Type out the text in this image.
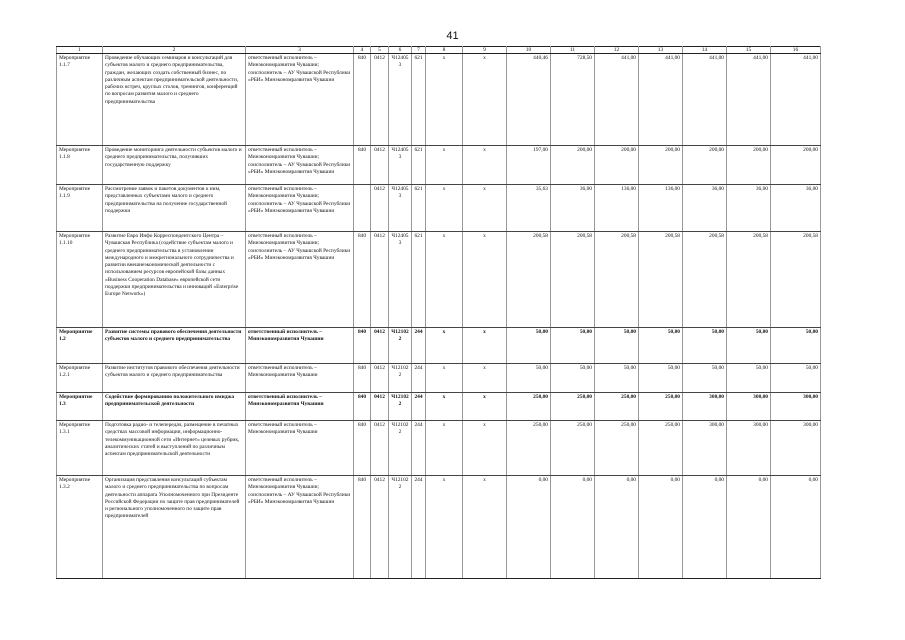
41
1	2	3	4	5	6	7	8	9	10	11	12	13	14	15	16
Мероприятие 1.1.7	Проведение обучающих семинаров и консультаций для субъектов малого и среднего предпринимательства, граждан, желающих создать собственный бизнес, по различным аспектам предпринимательской деятельности, рабочих встреч, круглых столов, тренингов, конференций по вопросам развития малого и среднего предпринимательства	ответственный исполнитель – Минэкономразвития Чувашии; соисполнитель – АУ Чувашской Республики «РБИ» Минэкономразвития Чувашии	840	0412	Ч124053	621	х	х	440,46	728,50	441,00	441,00	441,00	441,00	441,00
Мероприятие 1.1.8	Проведение мониторинга деятельности субъектов малого и среднего предпринимательства, получивших государственную поддержку	ответственный исполнитель – Минэкономразвития Чувашии; соисполнитель – АУ Чувашской Республики «РБИ» Минэкономразвития Чувашии	840	0412	Ч124053	621	х	х	197,00	200,00	200,00	200,00	200,00	200,00	200,00
Мероприятие 1.1.9	Рассмотрение заявок и пакетов документов к ним, представленных субъектами малого и среднего предпринимательства на получение государственной поддержки	ответственный исполнитель – Минэкономразвития Чувашии; соисполнитель – АУ Чувашской Республики «РБИ» Минэкономразвития Чувашии		0412	Ч124053	621	х	х	35,63	36,00	136,00	136,00	36,00	36,00	36,00
Мероприятие 1.1.10	Развитие Евро Инфо Корреспондентского Центра – Чувашская Республика (содействие субъектам малого и среднего предпринимательства в установлении международного и межрегионального сотрудничества и развитии внешнеэкономической деятельности с использованием ресурсов европейской базы данных «Business Cooperation Database» европейской сети поддержки предпринимательства и инноваций «Enterprise Europe Network»)	ответственный исполнитель – Минэкономразвития Чувашии; соисполнитель – АУ Чувашской Республики «РБИ» Минэкономразвития Чувашии	840	0412	Ч124053	621	х	х	200,58	200,58	200,58	200,58	200,58	200,58	200,58
Мероприятие 1.2	Развитие системы правового обеспечения деятельности субъектов малого и среднего предпринимательства	ответственный исполнитель – Минэкономразвития Чувашии	840	0412	Ч121022	244	х	х	50,00	50,00	50,00	50,00	50,00	50,00	50,00
Мероприятие 1.2.1	Развитие институтов правового обеспечения деятельности субъектов малого и среднего предпринимательства	ответственный исполнитель – Минэкономразвития Чувашии	840	0412	Ч121022	244	х	х	50,00	50,00	50,00	50,00	50,00	50,00	50,00
Мероприятие 1.3	Содействие формированию положительного имиджа предпринимательской деятельности	ответственный исполнитель – Минэкономразвития Чувашии	840	0412	Ч121022	244	х	х	250,00	250,00	250,00	250,00	300,00	300,00	300,00
Мероприятие 1.3.1	Подготовка радио- и телепередач, размещение в печатных средствах массовой информации, информационно-телекоммуникационной сети «Интернет» целевых рубрик, аналитических статей и выступлений по различным аспектам предпринимательской деятельности	ответственный исполнитель – Минэкономразвития Чувашии	840	0412	Ч121022	244	х	х	250,00	250,00	250,00	250,00	300,00	300,00	300,00
Мероприятие 1.3.2	Организация представления консультаций субъектам малого и среднего предпринимательства по вопросам деятельности аппарата Уполномоченного при Президенте Российской Федерации по защите прав предпринимателей и регионального уполномоченного по защите прав предпринимателей	ответственный исполнитель – Минэкономразвития Чувашии; соисполнитель – АУ Чувашской Республики «РБИ» Минэкономразвития Чувашии	840	0412	Ч121022	244	х	х	0,00	0,00	0,00	0,00	0,00	0,00	0,00
